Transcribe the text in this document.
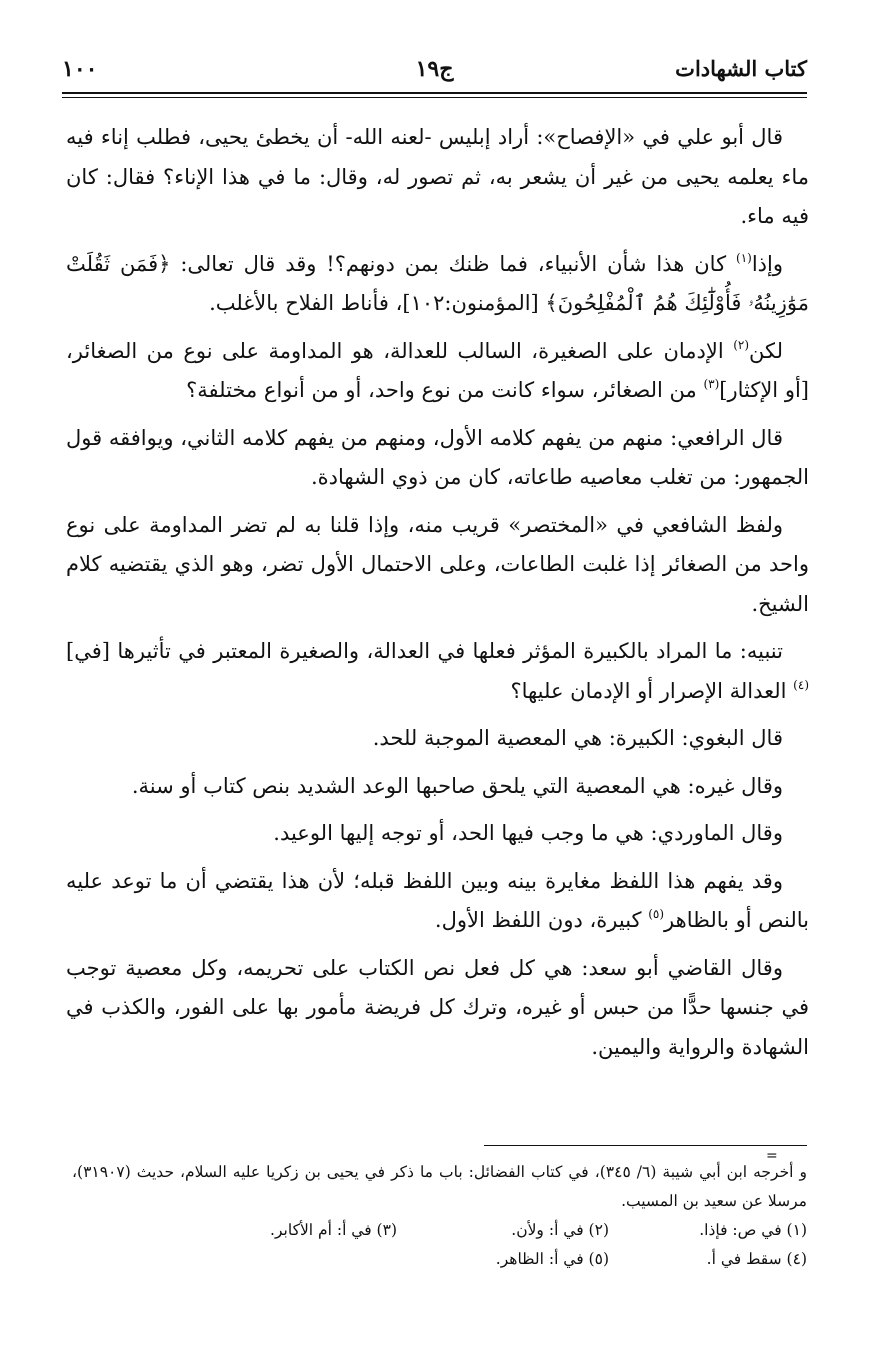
كتاب الشهادات
ج١٩
١٠٠

قال أبو علي في «الإفصاح»: أراد إبليس -لعنه الله- أن يخطئ يحيى، فطلب إناء فيه ماء يعلمه يحيى من غير أن يشعر به، ثم تصور له، وقال: ما في هذا الإناء؟ فقال: كان فيه ماء.

وإذا$^{(١)}$ كان هذا شأن الأنبياء، فما ظنك بمن دونهم؟! وقد قال تعالى: ﴿فَمَن ثَقُلَتْ مَوَٰزِينُهُۥ فَأُوْلَٰٓئِكَ هُمُ ٱلْمُفْلِحُونَ﴾ [المؤمنون:١٠٢]، فأناط الفلاح بالأغلب.

لكن$^{(٢)}$ الإدمان على الصغيرة، السالب للعدالة، هو المداومة على نوع من الصغائر، [أو الإكثار]$^{(٣)}$ من الصغائر، سواء كانت من نوع واحد، أو من أنواع مختلفة؟

قال الرافعي: منهم من يفهم كلامه الأول، ومنهم من يفهم كلامه الثاني، ويوافقه قول الجمهور: من تغلب معاصيه طاعاته، كان من ذوي الشهادة.

ولفظ الشافعي في «المختصر» قريب منه، وإذا قلنا به لم تضر المداومة على نوع واحد من الصغائر إذا غلبت الطاعات، وعلى الاحتمال الأول تضر، وهو الذي يقتضيه كلام الشيخ.

تنبيه: ما المراد بالكبيرة المؤثر فعلها في العدالة، والصغيرة المعتبر في تأثيرها [في]$^{(٤)}$ العدالة الإصرار أو الإدمان عليها؟

قال البغوي: الكبيرة: هي المعصية الموجبة للحد.

وقال غيره: هي المعصية التي يلحق صاحبها الوعد الشديد بنص كتاب أو سنة.

وقال الماوردي: هي ما وجب فيها الحد، أو توجه إليها الوعيد.

وقد يفهم هذا اللفظ مغايرة بينه وبين اللفظ قبله؛ لأن هذا يقتضي أن ما توعد عليه بالنص أو بالظاهر$^{(٥)}$ كبيرة، دون اللفظ الأول.

وقال القاضي أبو سعد: هي كل فعل نص الكتاب على تحريمه، وكل معصية توجب في جنسها حدًّا من حبس أو غيره، وترك كل فريضة مأمور بها على الفور، والكذب في الشهادة والرواية واليمين.

=

و أخرجه ابن أبي شيبة (٦/ ٣٤٥)، في كتاب الفضائل: باب ما ذكر في يحيى بن زكريا عليه السلام، حديث (٣١٩٠٧)، مرسلا عن سعيد بن المسيب.

(١) في ص: فإذا.
(٢) في أ: ولأن.
(٣) في أ: أم الأكابر.
(٤) سقط في أ.
(٥) في أ: الظاهر.
